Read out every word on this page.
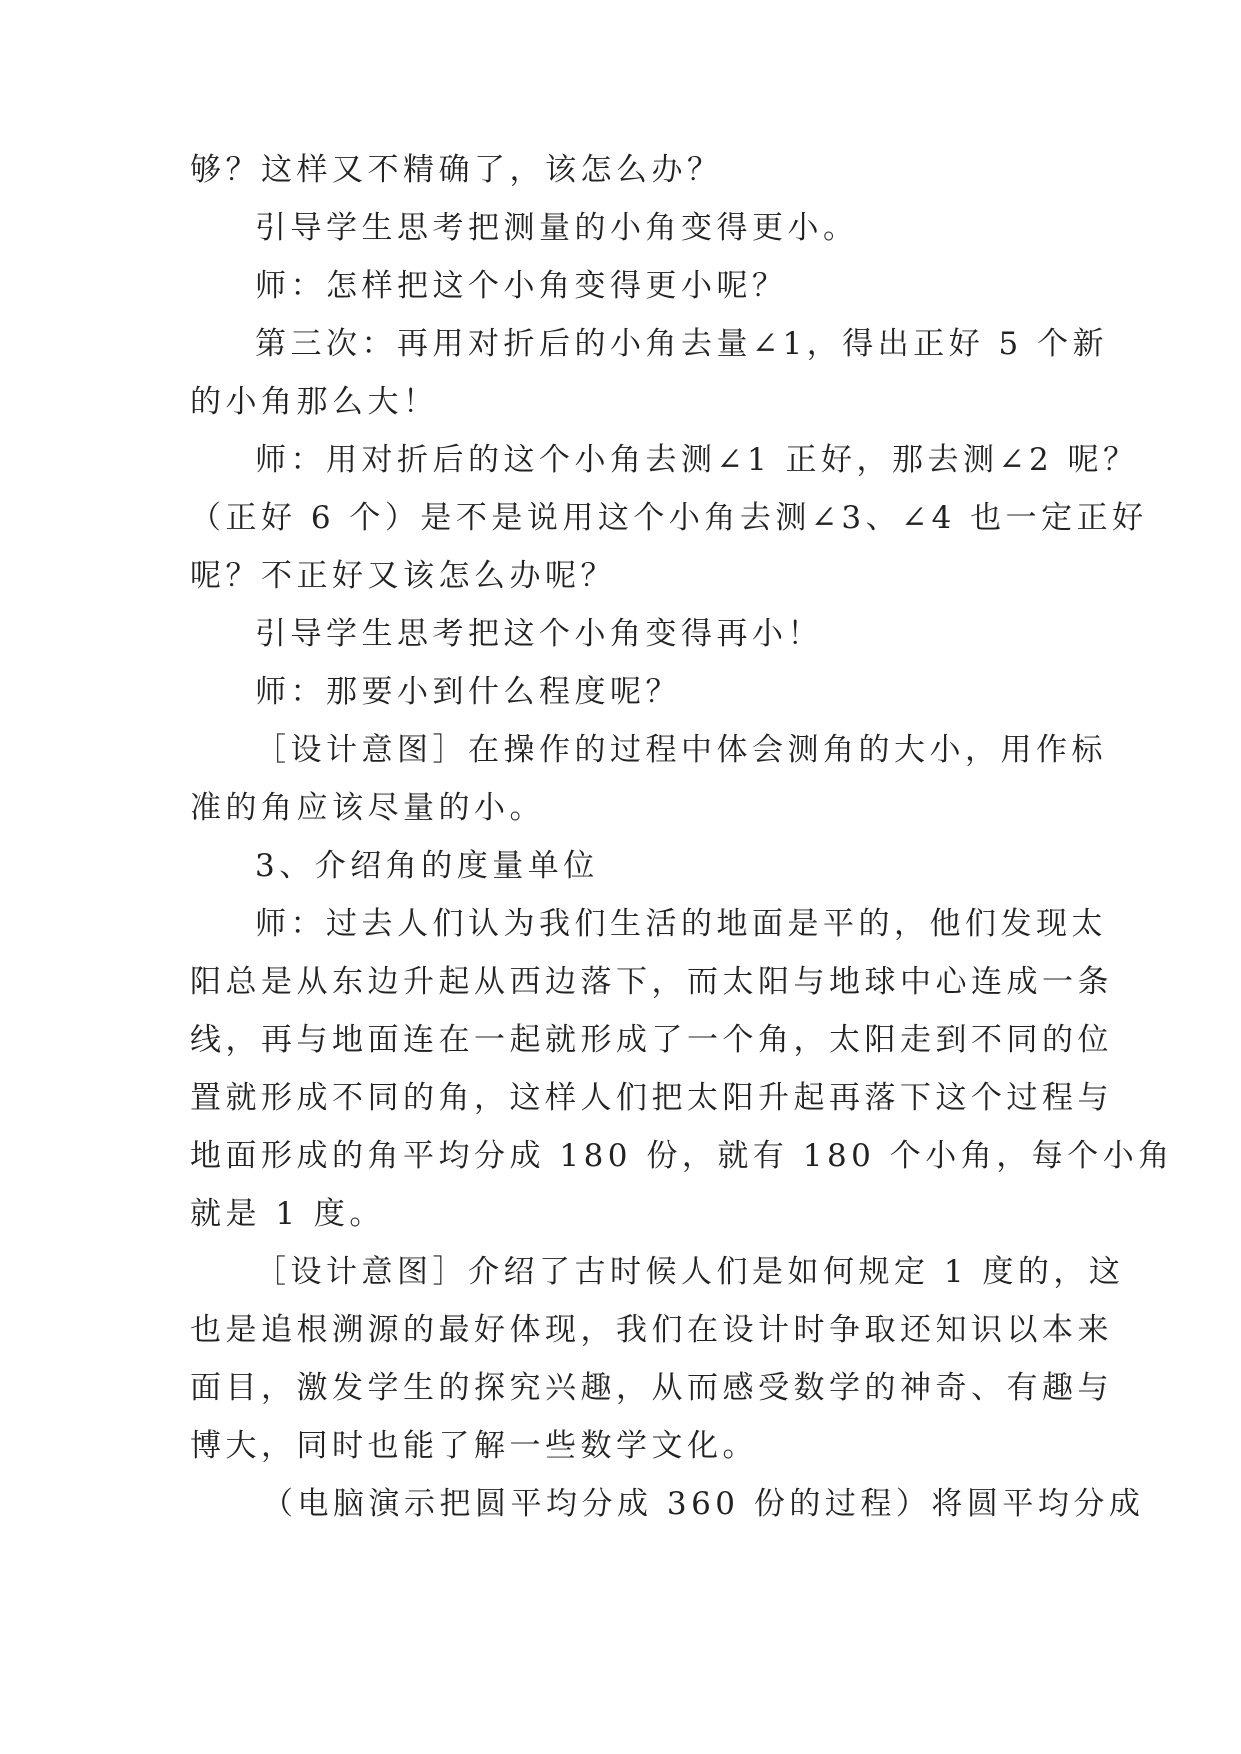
够？这样又不精确了，该怎么办？
引导学生思考把测量的小角变得更小。
师：怎样把这个小角变得更小呢？
第三次：再用对折后的小角去量∠1，得出正好 5 个新
的小角那么大！
师：用对折后的这个小角去测∠1 正好，那去测∠2 呢？
（正好 6 个）是不是说用这个小角去测∠3、∠4 也一定正好
呢？不正好又该怎么办呢？
引导学生思考把这个小角变得再小！
师：那要小到什么程度呢？
［设计意图］在操作的过程中体会测角的大小，用作标
准的角应该尽量的小。
3、介绍角的度量单位
师：过去人们认为我们生活的地面是平的，他们发现太
阳总是从东边升起从西边落下，而太阳与地球中心连成一条
线，再与地面连在一起就形成了一个角，太阳走到不同的位
置就形成不同的角，这样人们把太阳升起再落下这个过程与
地面形成的角平均分成 180 份，就有 180 个小角，每个小角
就是 1 度。
［设计意图］介绍了古时候人们是如何规定 1 度的，这
也是追根溯源的最好体现，我们在设计时争取还知识以本来
面目，激发学生的探究兴趣，从而感受数学的神奇、有趣与
博大，同时也能了解一些数学文化。
（电脑演示把圆平均分成 360 份的过程）将圆平均分成
